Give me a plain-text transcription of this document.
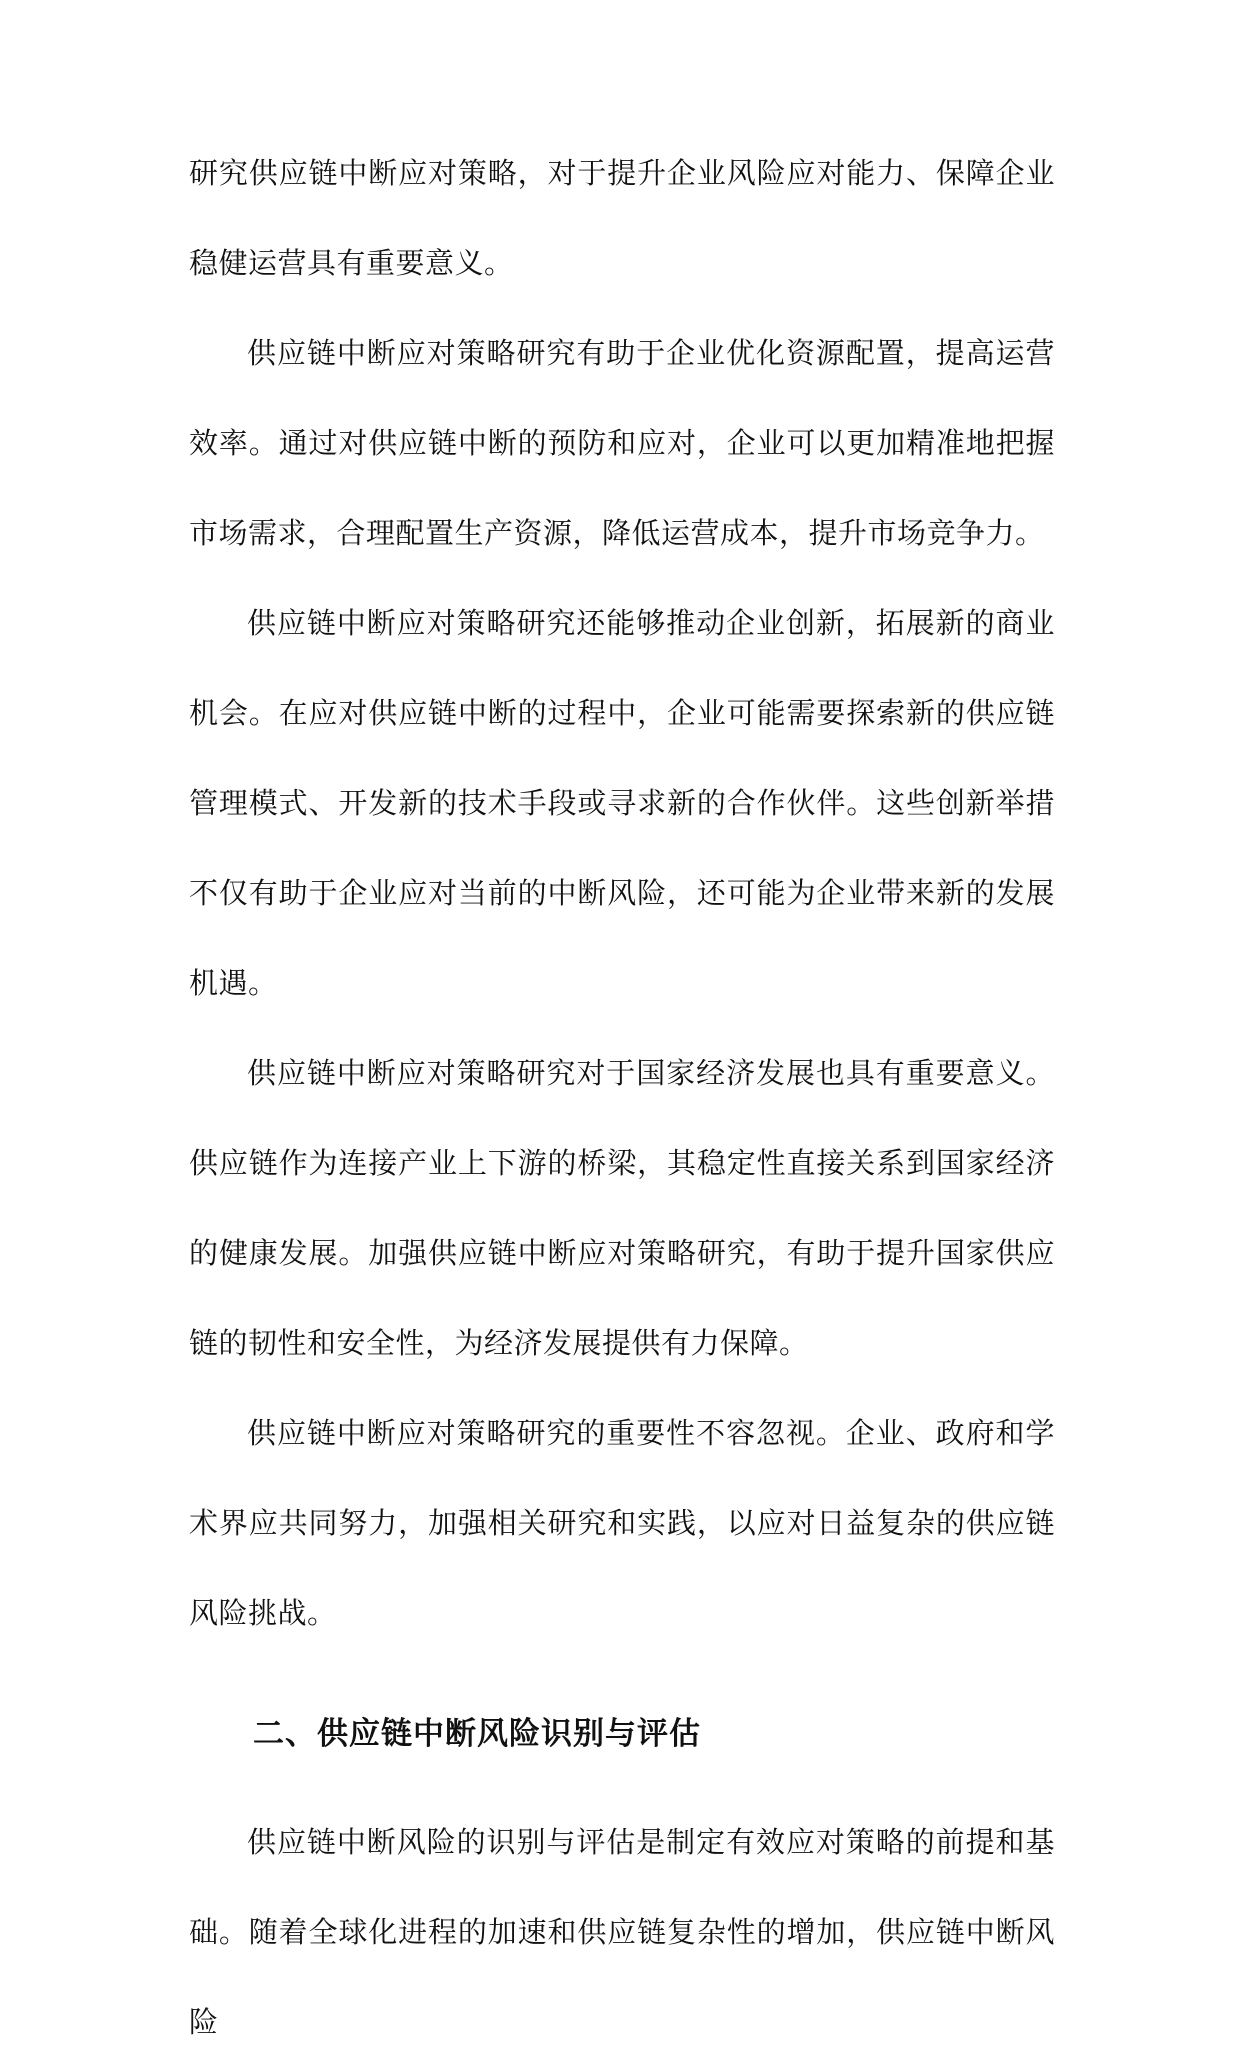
研究供应链中断应对策略，对于提升企业风险应对能力、保障企业稳健运营具有重要意义。

供应链中断应对策略研究有助于企业优化资源配置，提高运营效率。通过对供应链中断的预防和应对，企业可以更加精准地把握市场需求，合理配置生产资源，降低运营成本，提升市场竞争力。

供应链中断应对策略研究还能够推动企业创新，拓展新的商业机会。在应对供应链中断的过程中，企业可能需要探索新的供应链管理模式、开发新的技术手段或寻求新的合作伙伴。这些创新举措不仅有助于企业应对当前的中断风险，还可能为企业带来新的发展机遇。

供应链中断应对策略研究对于国家经济发展也具有重要意义。供应链作为连接产业上下游的桥梁，其稳定性直接关系到国家经济的健康发展。加强供应链中断应对策略研究，有助于提升国家供应链的韧性和安全性，为经济发展提供有力保障。

供应链中断应对策略研究的重要性不容忽视。企业、政府和学术界应共同努力，加强相关研究和实践，以应对日益复杂的供应链风险挑战。

二、供应链中断风险识别与评估

供应链中断风险的识别与评估是制定有效应对策略的前提和基础。随着全球化进程的加速和供应链复杂性的增加，供应链中断风险
